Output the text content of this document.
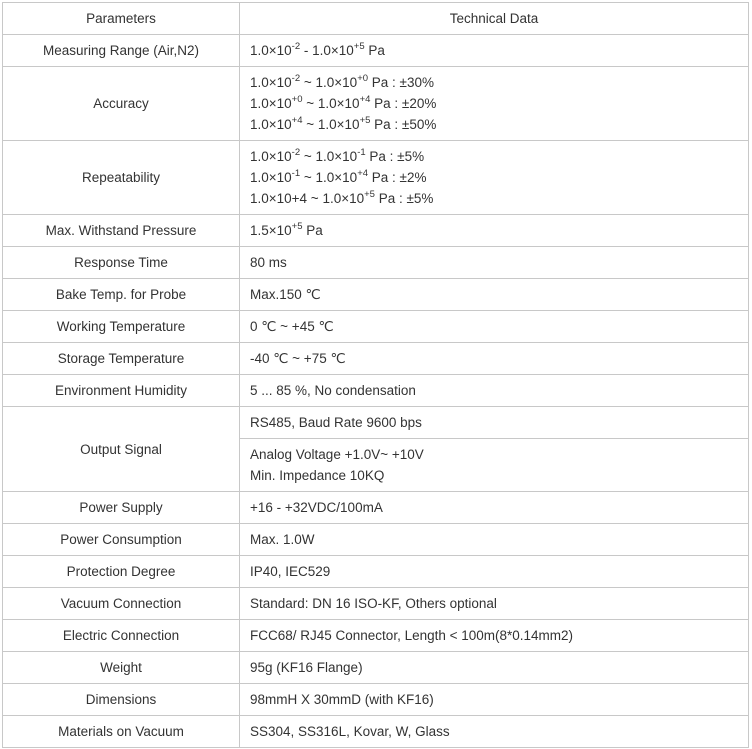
Parameters	Technical Data
Measuring Range (Air,N2)	$1.0\times 10^{-2} - 1.0\times 10^{+5}$ Pa

Accuracy	$1.0\times 10^{-2}$ ~ $1.0\times 10^{+0}$ Pa : ±30%
$1.0\times 10^{+0}$ ~ $1.0\times 10^{+4}$ Pa : ±20%
$1.0\times 10^{+4}$ ~ $1.0\times 10^{+5}$ Pa : ±50%

Repeatability	$1.0\times 10^{-2}$ ~ $1.0\times 10^{-1}$ Pa : ±5%
$1.0\times 10^{-1}$ ~ $1.0\times 10^{+4}$ Pa : ±2%
1.0×10+4 ~ $1.0\times 10^{+5}$ Pa : ±5%

Max. Withstand Pressure	$1.5\times 10^{+5}$ Pa

Response Time	80 ms

Bake Temp. for Probe	Max.150 ℃

Working Temperature	0 ℃ ~ +45 ℃

Storage Temperature	-40 ℃ ~ +75 ℃

Environment Humidity	5 ... 85 %, No condensation

Output Signal	RS485, Baud Rate 9600 bps

	Analog Voltage +1.0V~ +10V
Min. Impedance 10KQ

Power Supply	+16 - +32VDC/100mA

Power Consumption	Max. 1.0W

Protection Degree	IP40, IEC529

Vacuum Connection	Standard: DN 16 ISO-KF, Others optional

Electric Connection	FCC68/ RJ45 Connector, Length < 100m(8*0.14mm2)

Weight	95g (KF16 Flange)

Dimensions	98mmH X 30mmD (with KF16)

Materials on Vacuum	SS304, SS316L, Kovar, W, Glass
